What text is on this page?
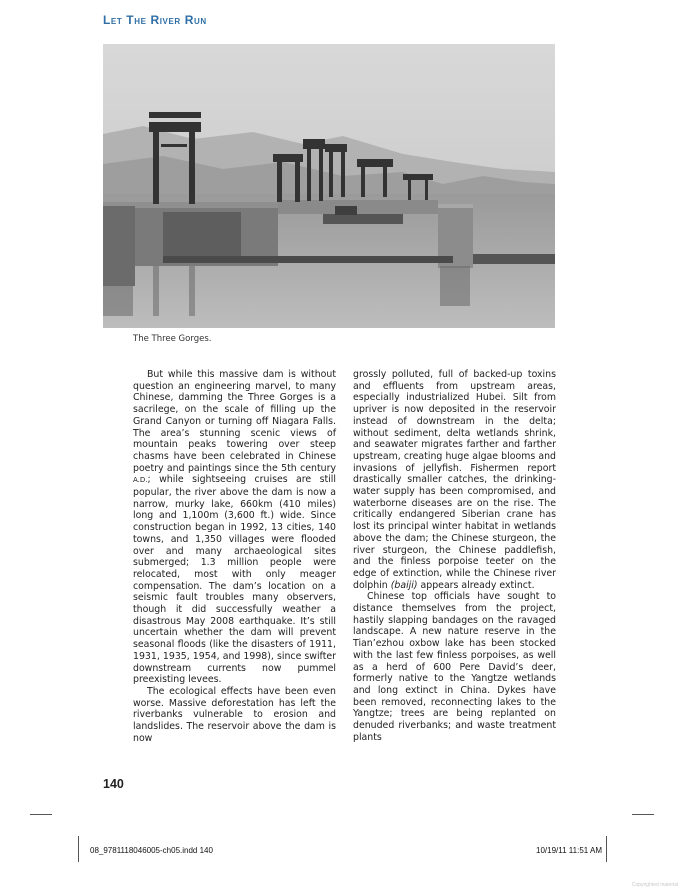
Let The River Run
The Three Gorges.

But while this massive dam is without question an engineering marvel, to many Chinese, damming the Three Gorges is a sacrilege, on the scale of filling up the Grand Canyon or turning off Niagara Falls. The area’s stunning scenic views of mountain peaks towering over steep chasms have been celebrated in Chinese poetry and paintings since the 5th century A.D.; while sightseeing cruises are still popular, the river above the dam is now a narrow, murky lake, 660km (410 miles) long and 1,100m (3,600 ft.) wide. Since construction began in 1992, 13 cities, 140 towns, and 1,350 villages were flooded over and many archaeological sites submerged; 1.3 million people were relocated, most with only meager compensation. The dam’s location on a seismic fault troubles many observers, though it did successfully weather a disastrous May 2008 earthquake. It’s still uncertain whether the dam will prevent seasonal floods (like the disasters of 1911, 1931, 1935, 1954, and 1998), since swifter downstream currents now pummel preexisting levees.

The ecological effects have been even worse. Massive deforestation has left the riverbanks vulnerable to erosion and landslides. The reservoir above the dam is now

grossly polluted, full of backed-up toxins and effluents from upstream areas, especially industrialized Hubei. Silt from upriver is now deposited in the reservoir instead of downstream in the delta; without sediment, delta wetlands shrink, and seawater migrates farther and farther upstream, creating huge algae blooms and invasions of jellyfish. Fishermen report drastically smaller catches, the drinking-water supply has been compromised, and waterborne diseases are on the rise. The critically endangered Siberian crane has lost its principal winter habitat in wetlands above the dam; the Chinese sturgeon, the river sturgeon, the Chinese paddlefish, and the finless porpoise teeter on the edge of extinction, while the Chinese river dolphin (baiji) appears already extinct.

Chinese top officials have sought to distance themselves from the project, hastily slapping bandages on the ravaged landscape. A new nature reserve in the Tian’ezhou oxbow lake has been stocked with the last few finless porpoises, as well as a herd of 600 Pere David’s deer, formerly native to the Yangtze wetlands and long extinct in China. Dykes have been removed, reconnecting lakes to the Yangtze; trees are being replanted on denuded riverbanks; and waste treatment plants

140
08_9781118046005-ch05.indd 140	10/19/11 11:51 AM
Copyrighted material
